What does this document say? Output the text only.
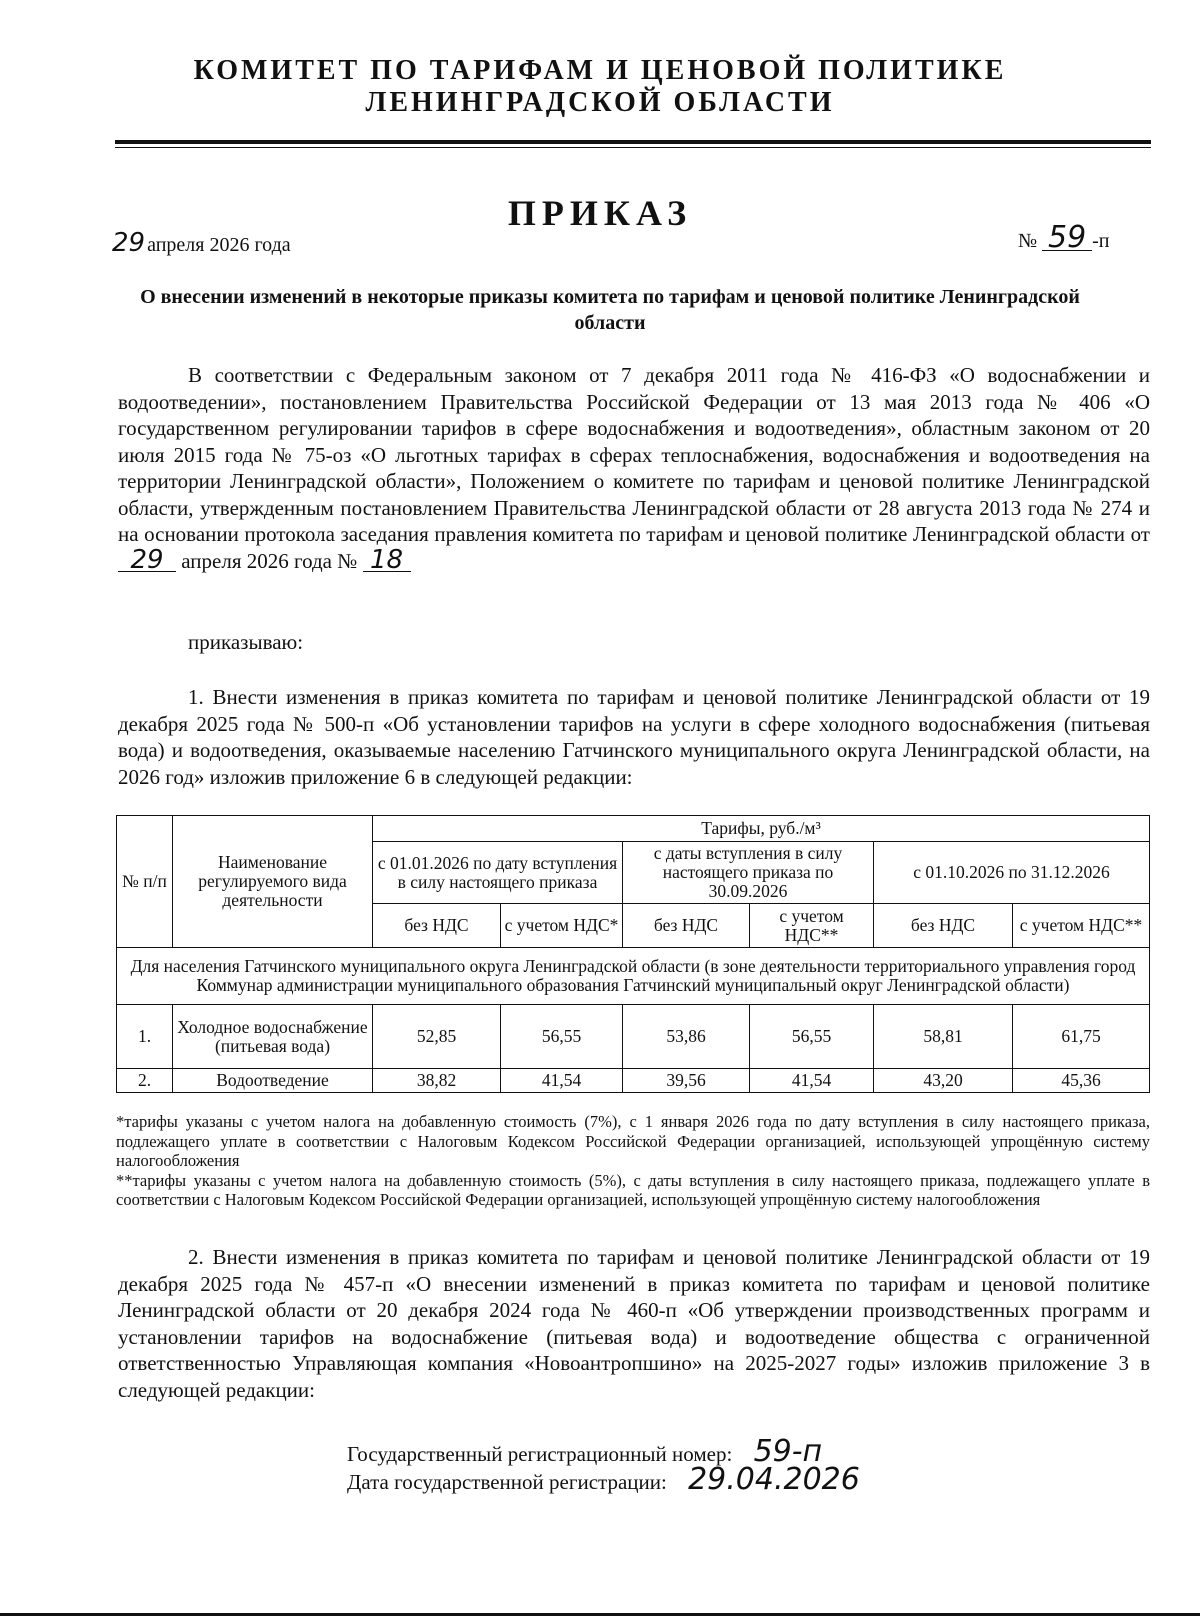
КОМИТЕТ ПО ТАРИФАМ И ЦЕНОВОЙ ПОЛИТИКЕ
ЛЕНИНГРАДСКОЙ ОБЛАСТИ
ПРИКАЗ
29 апреля 2026 года	№ 59 -п
О внесении изменений в некоторые приказы комитета по тарифам и ценовой политике Ленинградской области
В соответствии с Федеральным законом от 7 декабря 2011 года № 416-ФЗ «О водоснабжении и водоотведении», постановлением Правительства Российской Федерации от 13 мая 2013 года № 406 «О государственном регулировании тарифов в сфере водоснабжения и водоотведения», областным законом от 20 июля 2015 года № 75-оз «О льготных тарифах в сферах теплоснабжения, водоснабжения и водоотведения на территории Ленинградской области», Положением о комитете по тарифам и ценовой политике Ленинградской области, утвержденным постановлением Правительства Ленинградской области от 28 августа 2013 года № 274 и на основании протокола заседания правления комитета по тарифам и ценовой политике Ленинградской области от 29 апреля 2026 года № 18
приказываю:
1. Внести изменения в приказ комитета по тарифам и ценовой политике Ленинградской области от 19 декабря 2025 года № 500-п «Об установлении тарифов на услуги в сфере холодного водоснабжения (питьевая вода) и водоотведения, оказываемые населению Гатчинского муниципального округа Ленинградской области, на 2026 год» изложив приложение 6 в следующей редакции:
№ п/п	Наименование регулируемого вида деятельности	Тарифы, руб./м³					
		с 01.01.2026 по дату вступления в силу настоящего приказа		с даты вступления в силу настоящего приказа по 30.09.2026		с 01.10.2026 по 31.12.2026	
		без НДС	с учетом НДС*	без НДС	с учетом НДС**	без НДС	с учетом НДС**
Для населения Гатчинского муниципального округа Ленинградской области (в зоне деятельности территориального управления город Коммунар администрации муниципального образования Гатчинский муниципальный округ Ленинградской области)							
1.	Холодное водоснабжение (питьевая вода)	52,85	56,55	53,86	56,55	58,81	61,75
2.	Водоотведение	38,82	41,54	39,56	41,54	43,20	45,36

*тарифы указаны с учетом налога на добавленную стоимость (7%), с 1 января 2026 года по дату вступления в силу настоящего приказа, подлежащего уплате в соответствии с Налоговым Кодексом Российской Федерации организацией, использующей упрощённую систему налогообложения

**тарифы указаны с учетом налога на добавленную стоимость (5%), с даты вступления в силу настоящего приказа, подлежащего уплате в соответствии с Налоговым Кодексом Российской Федерации организацией, использующей упрощённую систему налогообложения

2. Внести изменения в приказ комитета по тарифам и ценовой политике Ленинградской области от 19 декабря 2025 года № 457-п «О внесении изменений в приказ комитета по тарифам и ценовой политике Ленинградской области от 20 декабря 2024 года № 460-п «Об утверждении производственных программ и установлении тарифов на водоснабжение (питьевая вода) и водоотведение общества с ограниченной ответственностью Управляющая компания «Новоантропшино» на 2025-2027 годы» изложив приложение 3 в следующей редакции:
Государственный регистрационный номер: 59-п
Дата государственной регистрации: 29.04.2026
